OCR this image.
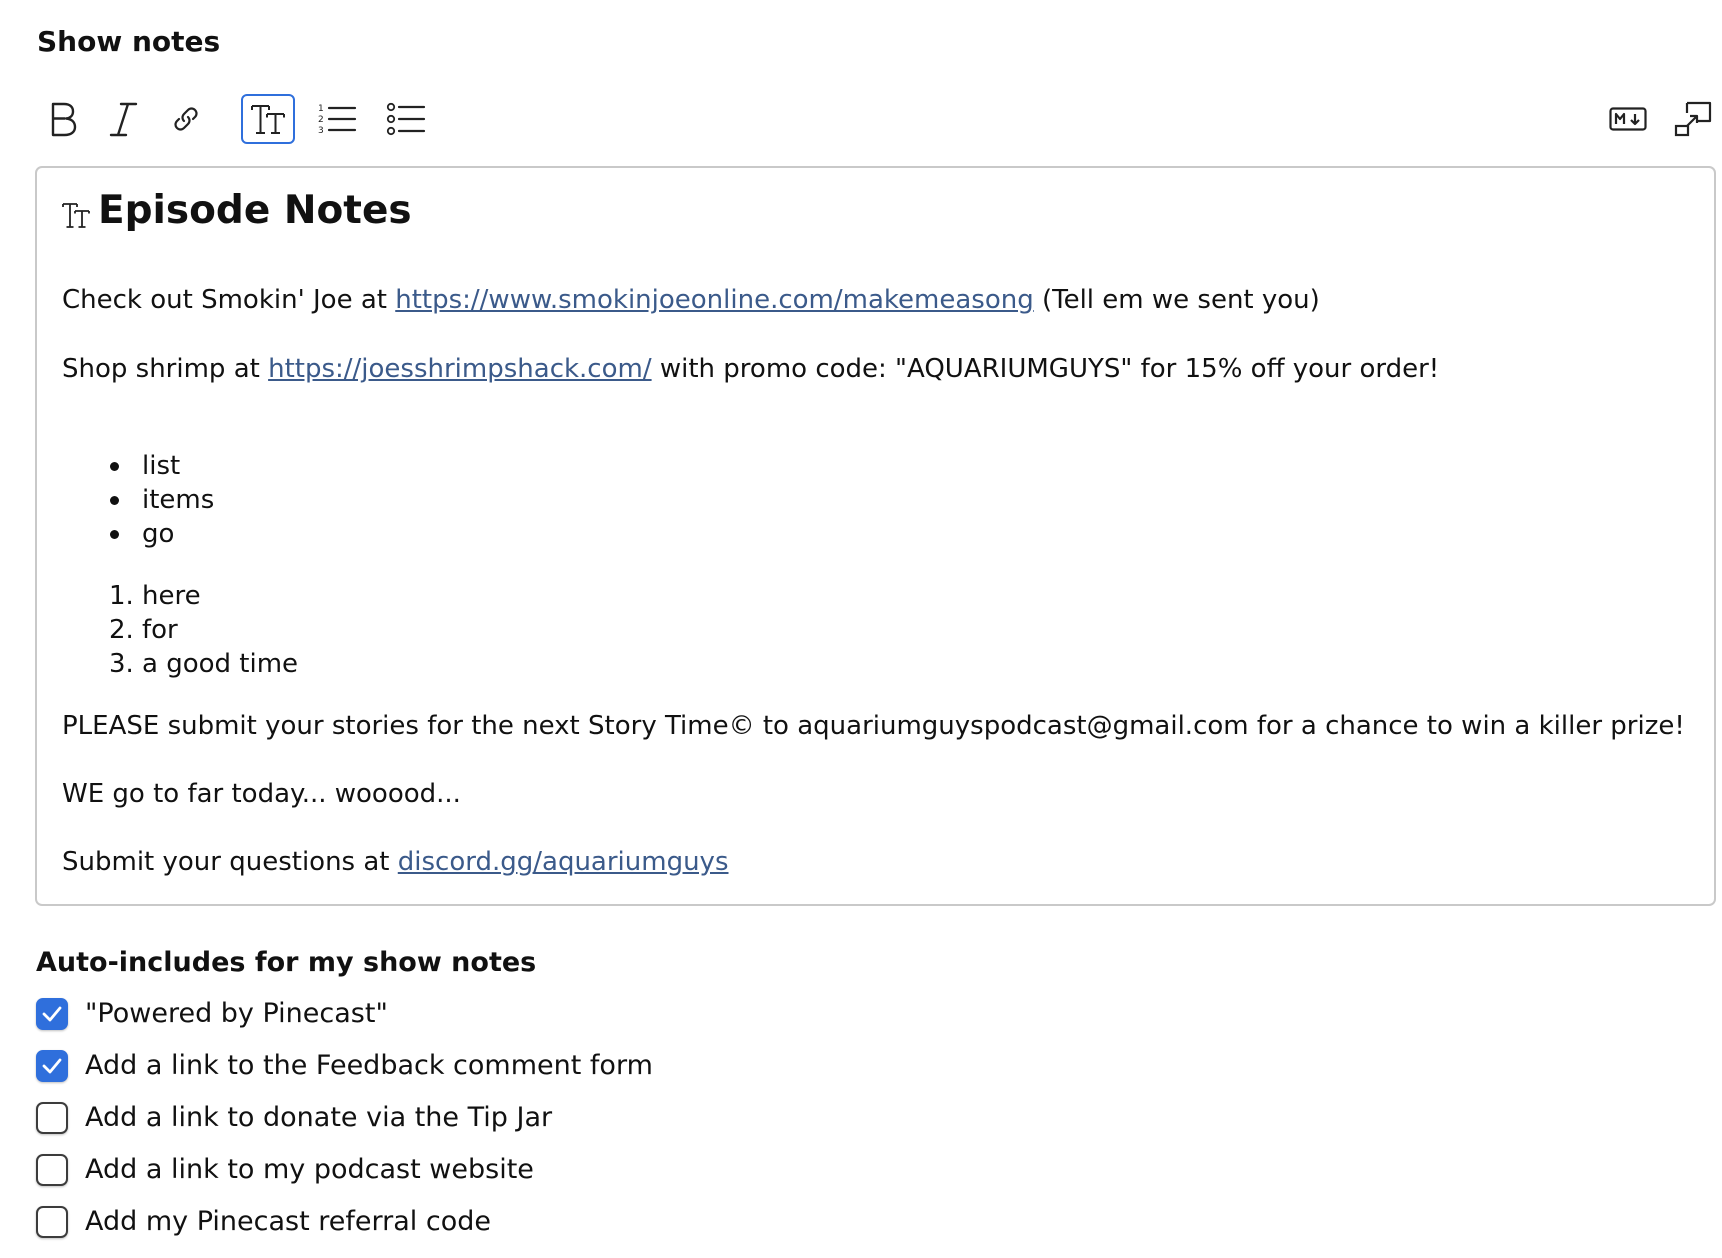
Show notes
1
2
3
Episode Notes
Check out Smokin' Joe at https://www.smokinjoeonline.com/makemeasong (Tell em we sent you)
Shop shrimp at https://joesshrimpshack.com/ with promo code: "AQUARIUMGUYS" for 15% off your order!
list
items
go
1. here
2. for
3. a good time
PLEASE submit your stories for the next Story Time© to aquariumguyspodcast@gmail.com for a chance to win a killer prize!
WE go to far today... wooood...
Submit your questions at discord.gg/aquariumguys
Auto-includes for my show notes
"Powered by Pinecast"
Add a link to the Feedback comment form
Add a link to donate via the Tip Jar
Add a link to my podcast website
Add my Pinecast referral code
